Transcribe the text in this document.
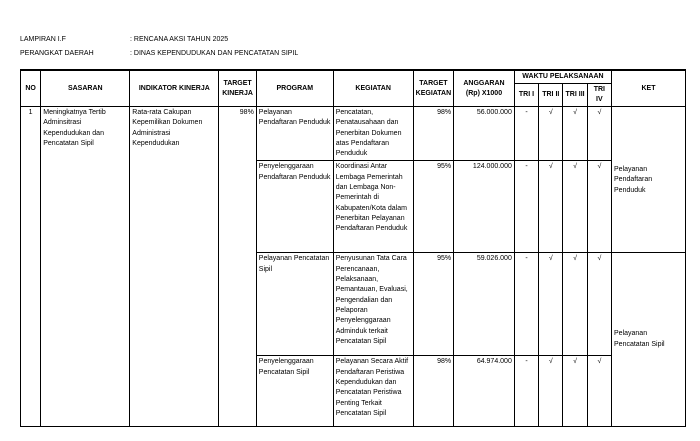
LAMPIRAN I.F	: RENCANA AKSI TAHUN 2025
PERANGKAT DAERAH	: DINAS KEPENDUDUKAN DAN PENCATATAN SIPIL
NO	SASARAN	INDIKATOR KINERJA	TARGET KINERJA	PROGRAM	KEGIATAN	TARGET KEGIATAN	ANGGARAN (Rp) X1000	WAKTU PELAKSANAAN				KET
								TRI I	TRI II	TRI III	TRI IV	
1	Meningkatnya Tertib Adminsitrasi Kependudukan dan Pencatatan Sipil	Rata-rata Cakupan Kepemilikan Dokumen Administrasi Kependudukan	98%	Pelayanan Pendaftaran Penduduk	Pencatatan, Penatausahaan dan Penerbitan Dokumen atas Pendaftaran Penduduk	98%	56.000.000	-	√	√	√	Pelayanan Pendaftaran Penduduk
				Penyelenggaraan Pendaftaran Penduduk	Koordinasi Antar Lembaga Pemerintah dan Lembaga Non-Pemerintah di Kabupaten/Kota dalam Penerbitan Pelayanan Pendaftaran Penduduk	95%	124.000.000	-	√	√	√	
				Pelayanan Pencatatan Sipil	Penyusunan Tata Cara Perencanaan, Pelaksanaan, Pemantauan, Evaluasi, Pengendalian dan Pelaporan Penyelenggaraan Adminduk terkait Pencatatan Sipil	95%	59.026.000	-	√	√	√	Pelayanan Pencatatan Sipil
				Penyelenggaraan Pencatatan Sipil	Pelayanan Secara Aktif Pendaftaran Peristiwa Kependudukan dan Pencatatan Peristiwa Penting Terkait Pencatatan Sipil	98%	64.974.000	-	√	√	√	
